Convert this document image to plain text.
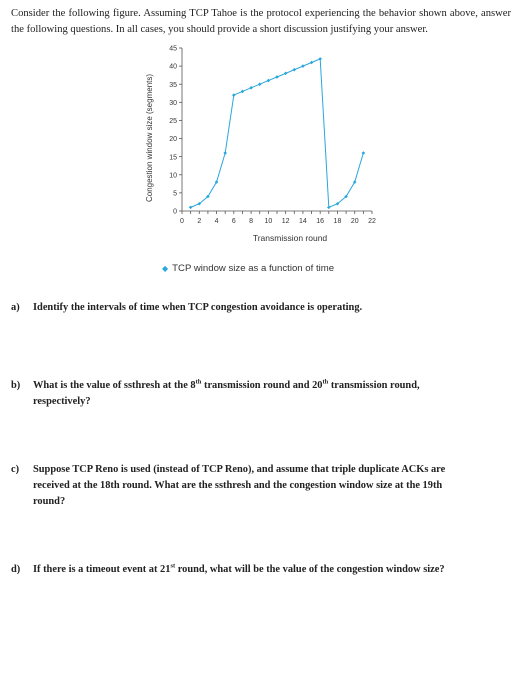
Consider the following figure. Assuming TCP Tahoe is the protocol experiencing the behavior shown above, answer the following questions. In all cases, you should provide a short discussion justifying your answer.

0
5
10
15
20
25
30
35
40
45
0 2 4 6 8 10 12 14 16 18 20 22
Congestion window size (segments)
Transmission round
◆ TCP window size as a function of time
a) Identify the intervals of time when TCP congestion avoidance is operating.
b) What is the value of ssthresh at the 8th transmission round and 20th transmission round,
respectively?
c) Suppose TCP Reno is used (instead of TCP Reno), and assume that triple duplicate ACKs are
received at the 18th round. What are the ssthresh and the congestion window size at the 19th
round?
d) If there is a timeout event at 21st round, what will be the value of the congestion window size?
